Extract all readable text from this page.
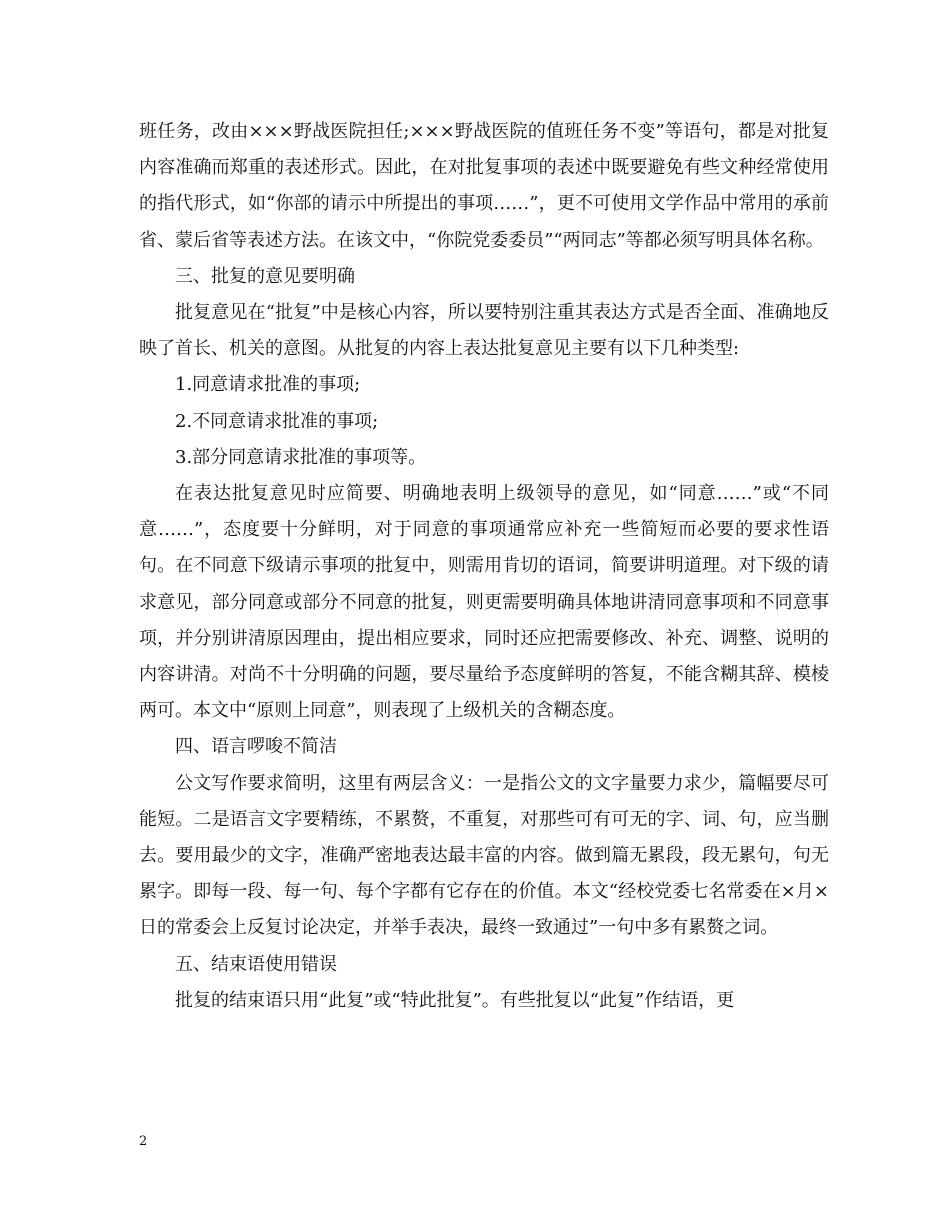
班任务，改由×××野战医院担任;×××野战医院的值班任务不变”等语句，都是对批复内容准确而郑重的表述形式。因此，在对批复事项的表述中既要避免有些文种经常使用的指代形式，如“你部的请示中所提出的事项……”，更不可使用文学作品中常用的承前省、蒙后省等表述方法。在该文中，“你院党委委员”“两同志”等都必须写明具体名称。

三、批复的意见要明确

批复意见在“批复”中是核心内容，所以要特别注重其表达方式是否全面、准确地反映了首长、机关的意图。从批复的内容上表达批复意见主要有以下几种类型:

1.同意请求批准的事项;

2.不同意请求批准的事项;

3.部分同意请求批准的事项等。

在表达批复意见时应简要、明确地表明上级领导的意见，如“同意……”或“不同意……”，态度要十分鲜明，对于同意的事项通常应补充一些简短而必要的要求性语句。在不同意下级请示事项的批复中，则需用肯切的语词，简要讲明道理。对下级的请求意见，部分同意或部分不同意的批复，则更需要明确具体地讲清同意事项和不同意事项，并分别讲清原因理由，提出相应要求，同时还应把需要修改、补充、调整、说明的内容讲清。对尚不十分明确的问题，要尽量给予态度鲜明的答复，不能含糊其辞、模棱两可。本文中“原则上同意”，则表现了上级机关的含糊态度。

四、语言啰唆不简洁

公文写作要求简明，这里有两层含义：一是指公文的文字量要力求少，篇幅要尽可能短。二是语言文字要精练，不累赘，不重复，对那些可有可无的字、词、句，应当删去。要用最少的文字，准确严密地表达最丰富的内容。做到篇无累段，段无累句，句无累字。即每一段、每一句、每个字都有它存在的价值。本文“经校党委七名常委在×月×日的常委会上反复讨论决定，并举手表决，最终一致通过”一句中多有累赘之词。

五、结束语使用错误

批复的结束语只用“此复”或“特此批复”。有些批复以“此复”作结语，更

2
